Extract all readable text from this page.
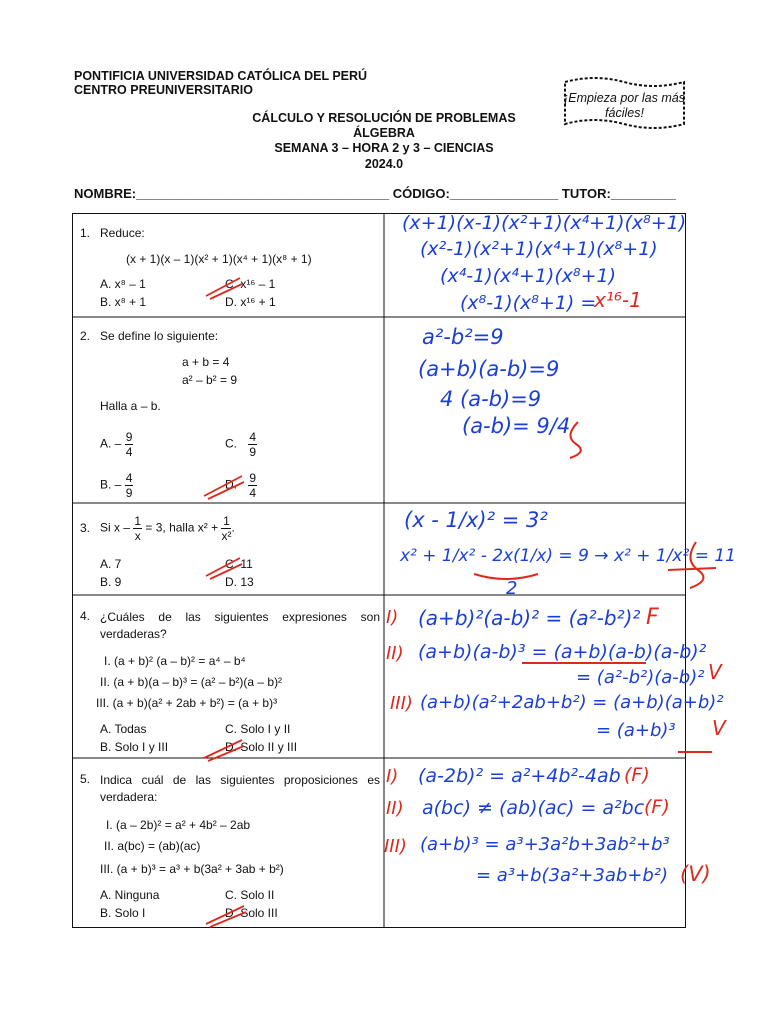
PONTIFICIA UNIVERSIDAD CATÓLICA DEL PERÚ
CENTRO PREUNIVERSITARIO
CÁLCULO Y RESOLUCIÓN DE PROBLEMAS
ÁLGEBRA
SEMANA 3 – HORA 2 y 3 – CIENCIAS
2024.0
¡Empieza por las más fáciles!
NOMBRE:___________________________________ CÓDIGO:_______________ TUTOR:_________
1. Reduce:
(x + 1)(x – 1)(x² + 1)(x⁴ + 1)(x⁸ + 1)
A. x⁸ – 1	C. x¹⁶ – 1
B. x⁸ + 1	D. x¹⁶ + 1
(x+1)(x-1)(x²+1)(x⁴+1)(x⁸+1)
(x²-1)(x²+1)(x⁴+1)(x⁸+1)
(x⁴-1)(x⁴+1)(x⁸+1)
(x⁸-1)(x⁸+1) =
x¹⁶-1
2. Se define lo siguiente:
a + b = 4
a² – b² = 9
Halla a – b.
A. – $\frac{9}{4}$	C. $\frac{4}{9}$
B. – $\frac{4}{9}$	D. $\frac{9}{4}$
a²-b²=9
(a+b)(a-b)=9
4 (a-b)=9
(a-b)= 9/4
3. Si $x - \frac{1}{x} = 3$, halla $x^2 + \frac{1}{\text{x²}}$ .
A. 7	C. 11
B. 9	D. 13
(x - 1/x)² = 3²
x² + 1/x² - 2x(1/x) = 9 → x² + 1/x² = 11
2
4. ¿Cuáles de las siguientes expresiones son verdaderas?
I. (a + b)² (a – b)² = a⁴ – b⁴
II. (a + b)(a – b)³ = (a² – b²)(a – b)²
III. (a + b)(a² + 2ab + b²) = (a + b)³
A. Todas	C. Solo I y II
B. Solo I y III	D. Solo II y III
I) (a+b)²(a-b)² = (a²-b²)² F
II) (a+b)(a-b)³ = (a+b)(a-b)(a-b)²
= (a²-b²)(a-b)² V
III) (a+b)(a²+2ab+b²) = (a+b)(a+b)²
= (a+b)³ V
5. Indica cuál de las siguientes proposiciones es verdadera:
I. (a – 2b)² = a² + 4b² – 2ab
II. a(bc) = (ab)(ac)
III. (a + b)³ = a³ + b(3a² + 3ab + b²)
A. Ninguna	C. Solo II
B. Solo I	D. Solo III
I) (a-2b)² = a²+4b²-4ab (F)
II) a(bc) ≠ (ab)(ac) = a²bc (F)
III) (a+b)³ = a³+3a²b+3ab²+b³
= a³+b(3a²+3ab+b²) (V)
